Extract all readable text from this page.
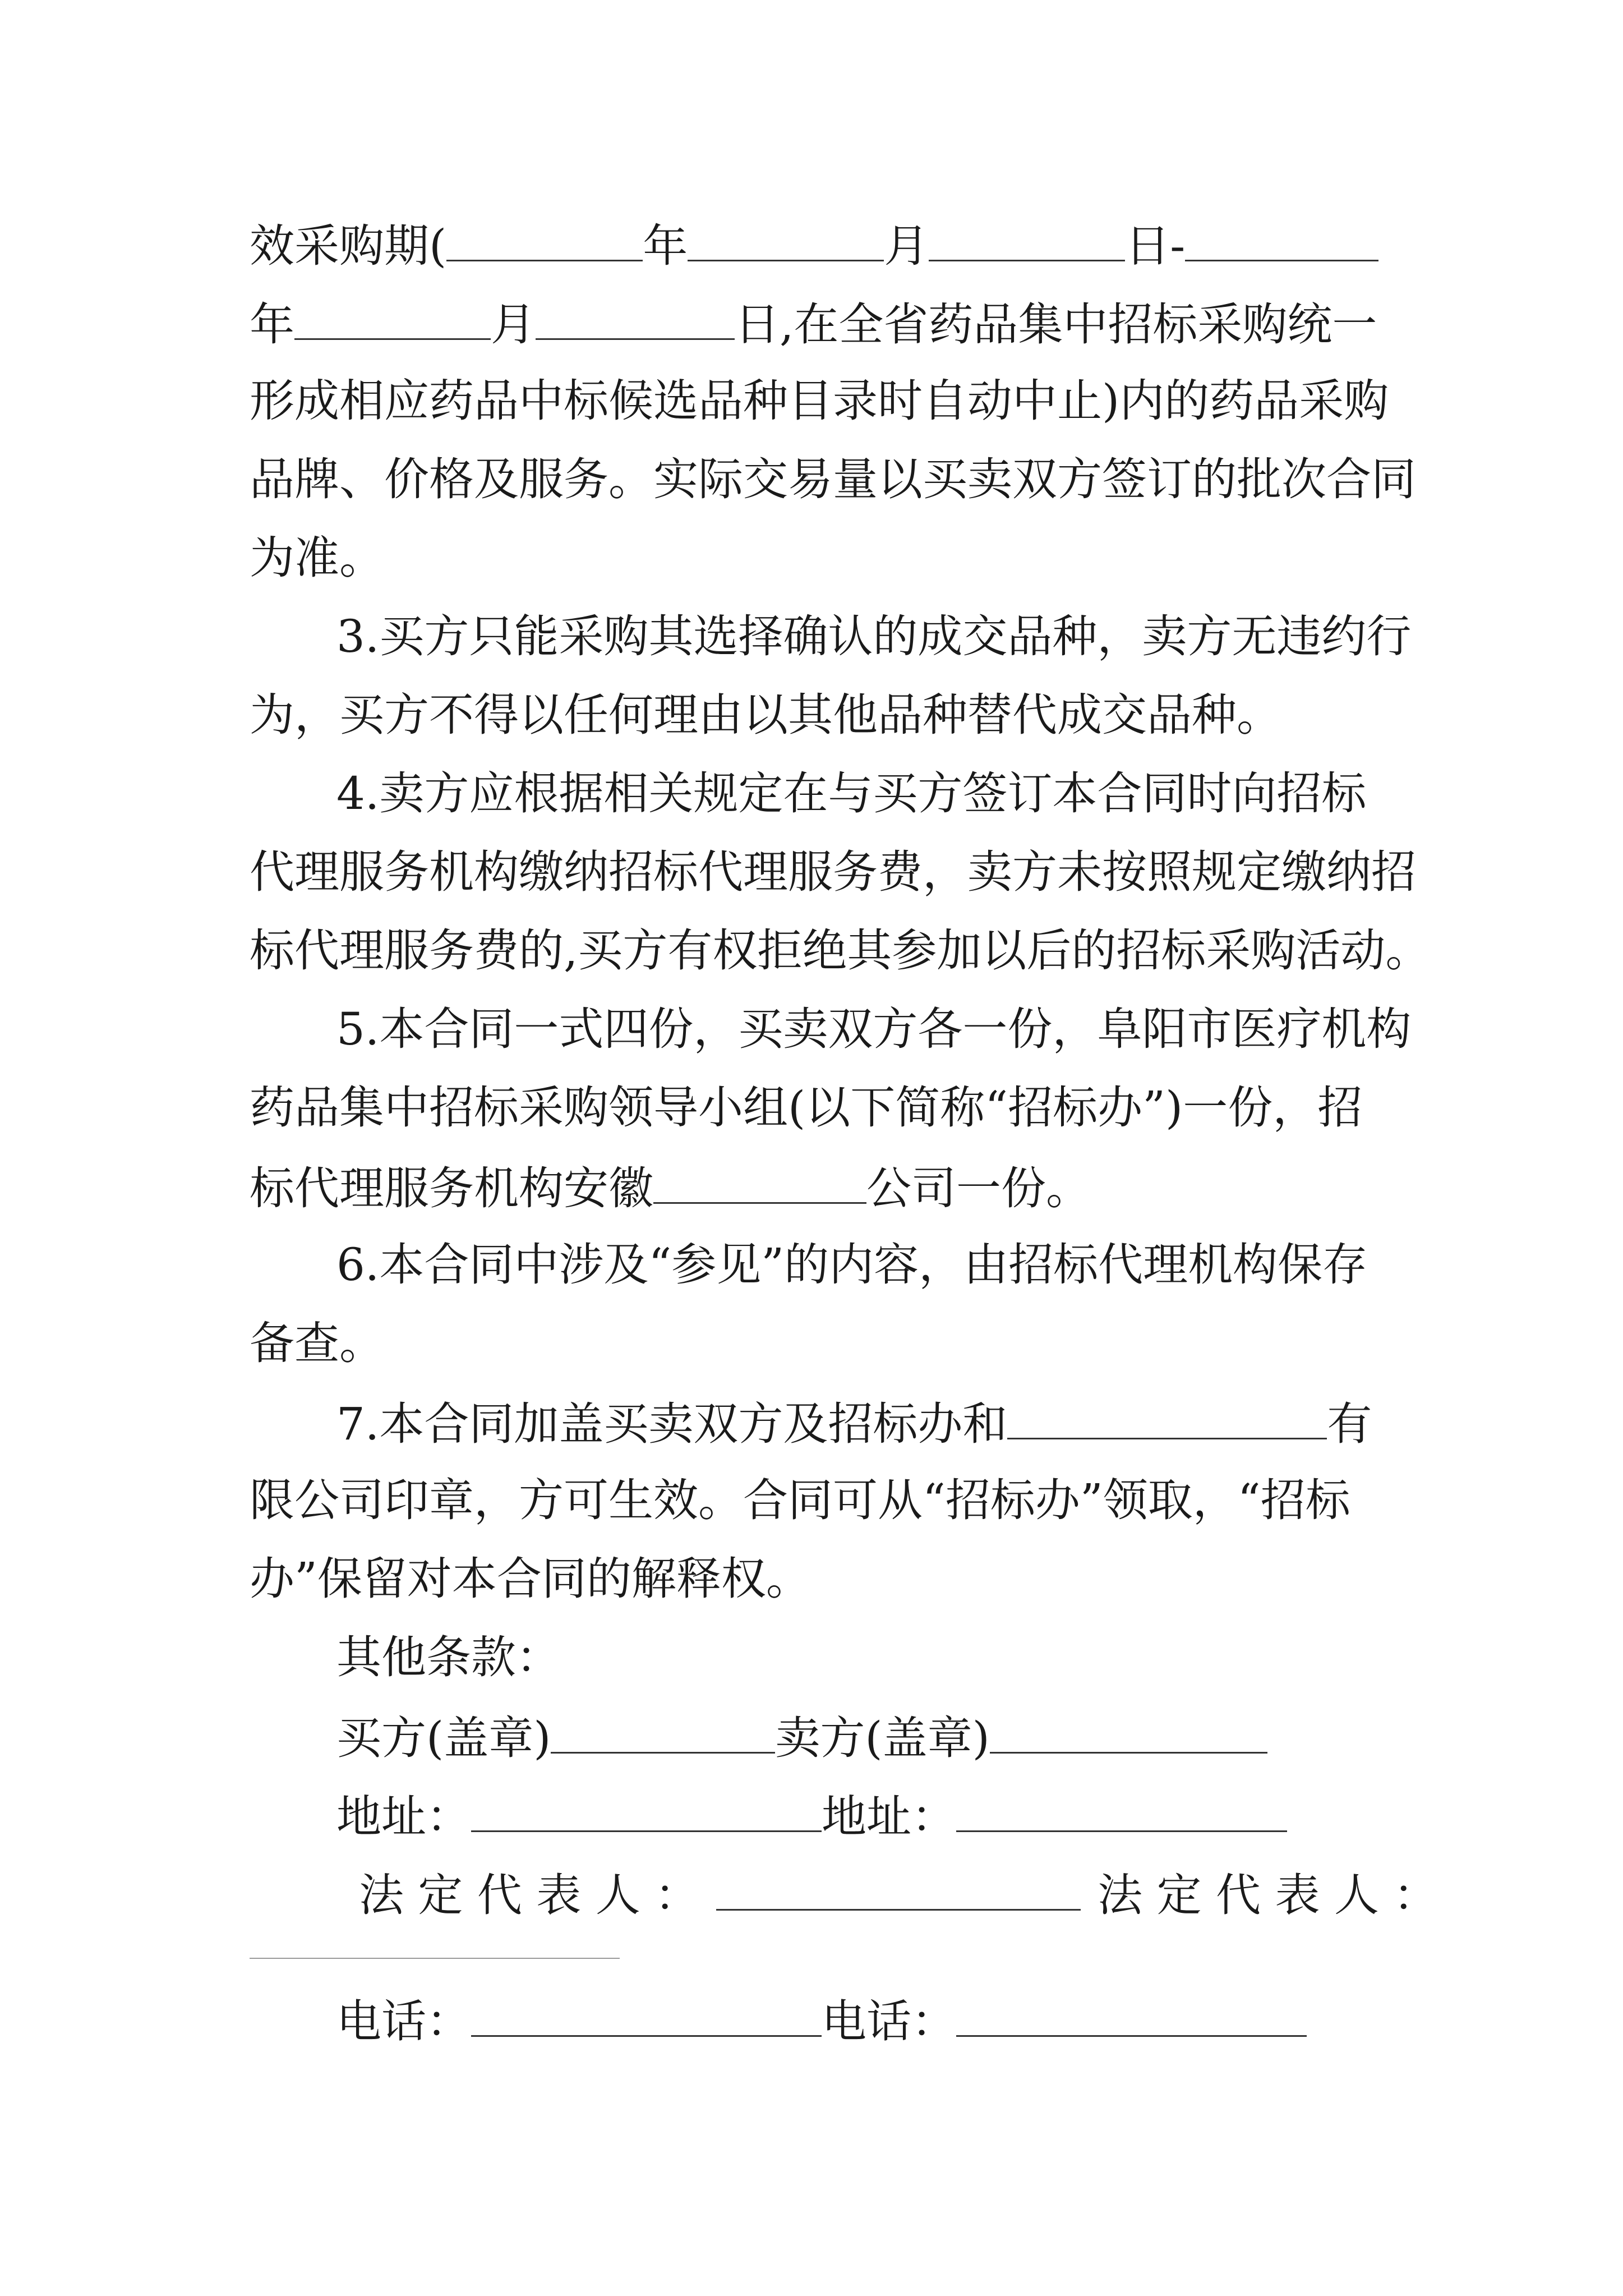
效采购期(	年	月	日-
年	月	日,在全省药品集中招标采购统一
形成相应药品中标候选品种目录时自动中止)内的药品采购
品牌、价格及服务。实际交易量以买卖双方签订的批次合同
为准。
3.买方只能采购其选择确认的成交品种，卖方无违约行
为，买方不得以任何理由以其他品种替代成交品种。
4.卖方应根据相关规定在与买方签订本合同时向招标
代理服务机构缴纳招标代理服务费，卖方未按照规定缴纳招
标代理服务费的,买方有权拒绝其参加以后的招标采购活动。
5.本合同一式四份，买卖双方各一份，阜阳市医疗机构
药品集中招标采购领导小组(以下简称“招标办”)一份，招
标代理服务机构安徽	公司一份。
6.本合同中涉及“参见”的内容，由招标代理机构保存
备查。
7.本合同加盖买卖双方及招标办和	有
限公司印章，方可生效。合同可从“招标办”领取，“招标
办”保留对本合同的解释权。
其他条款：
买方(盖章)	卖方(盖章)
地址：	地址：
法 定 代 表 人 ：	法 定 代 表 人 ：
电话：	电话：
